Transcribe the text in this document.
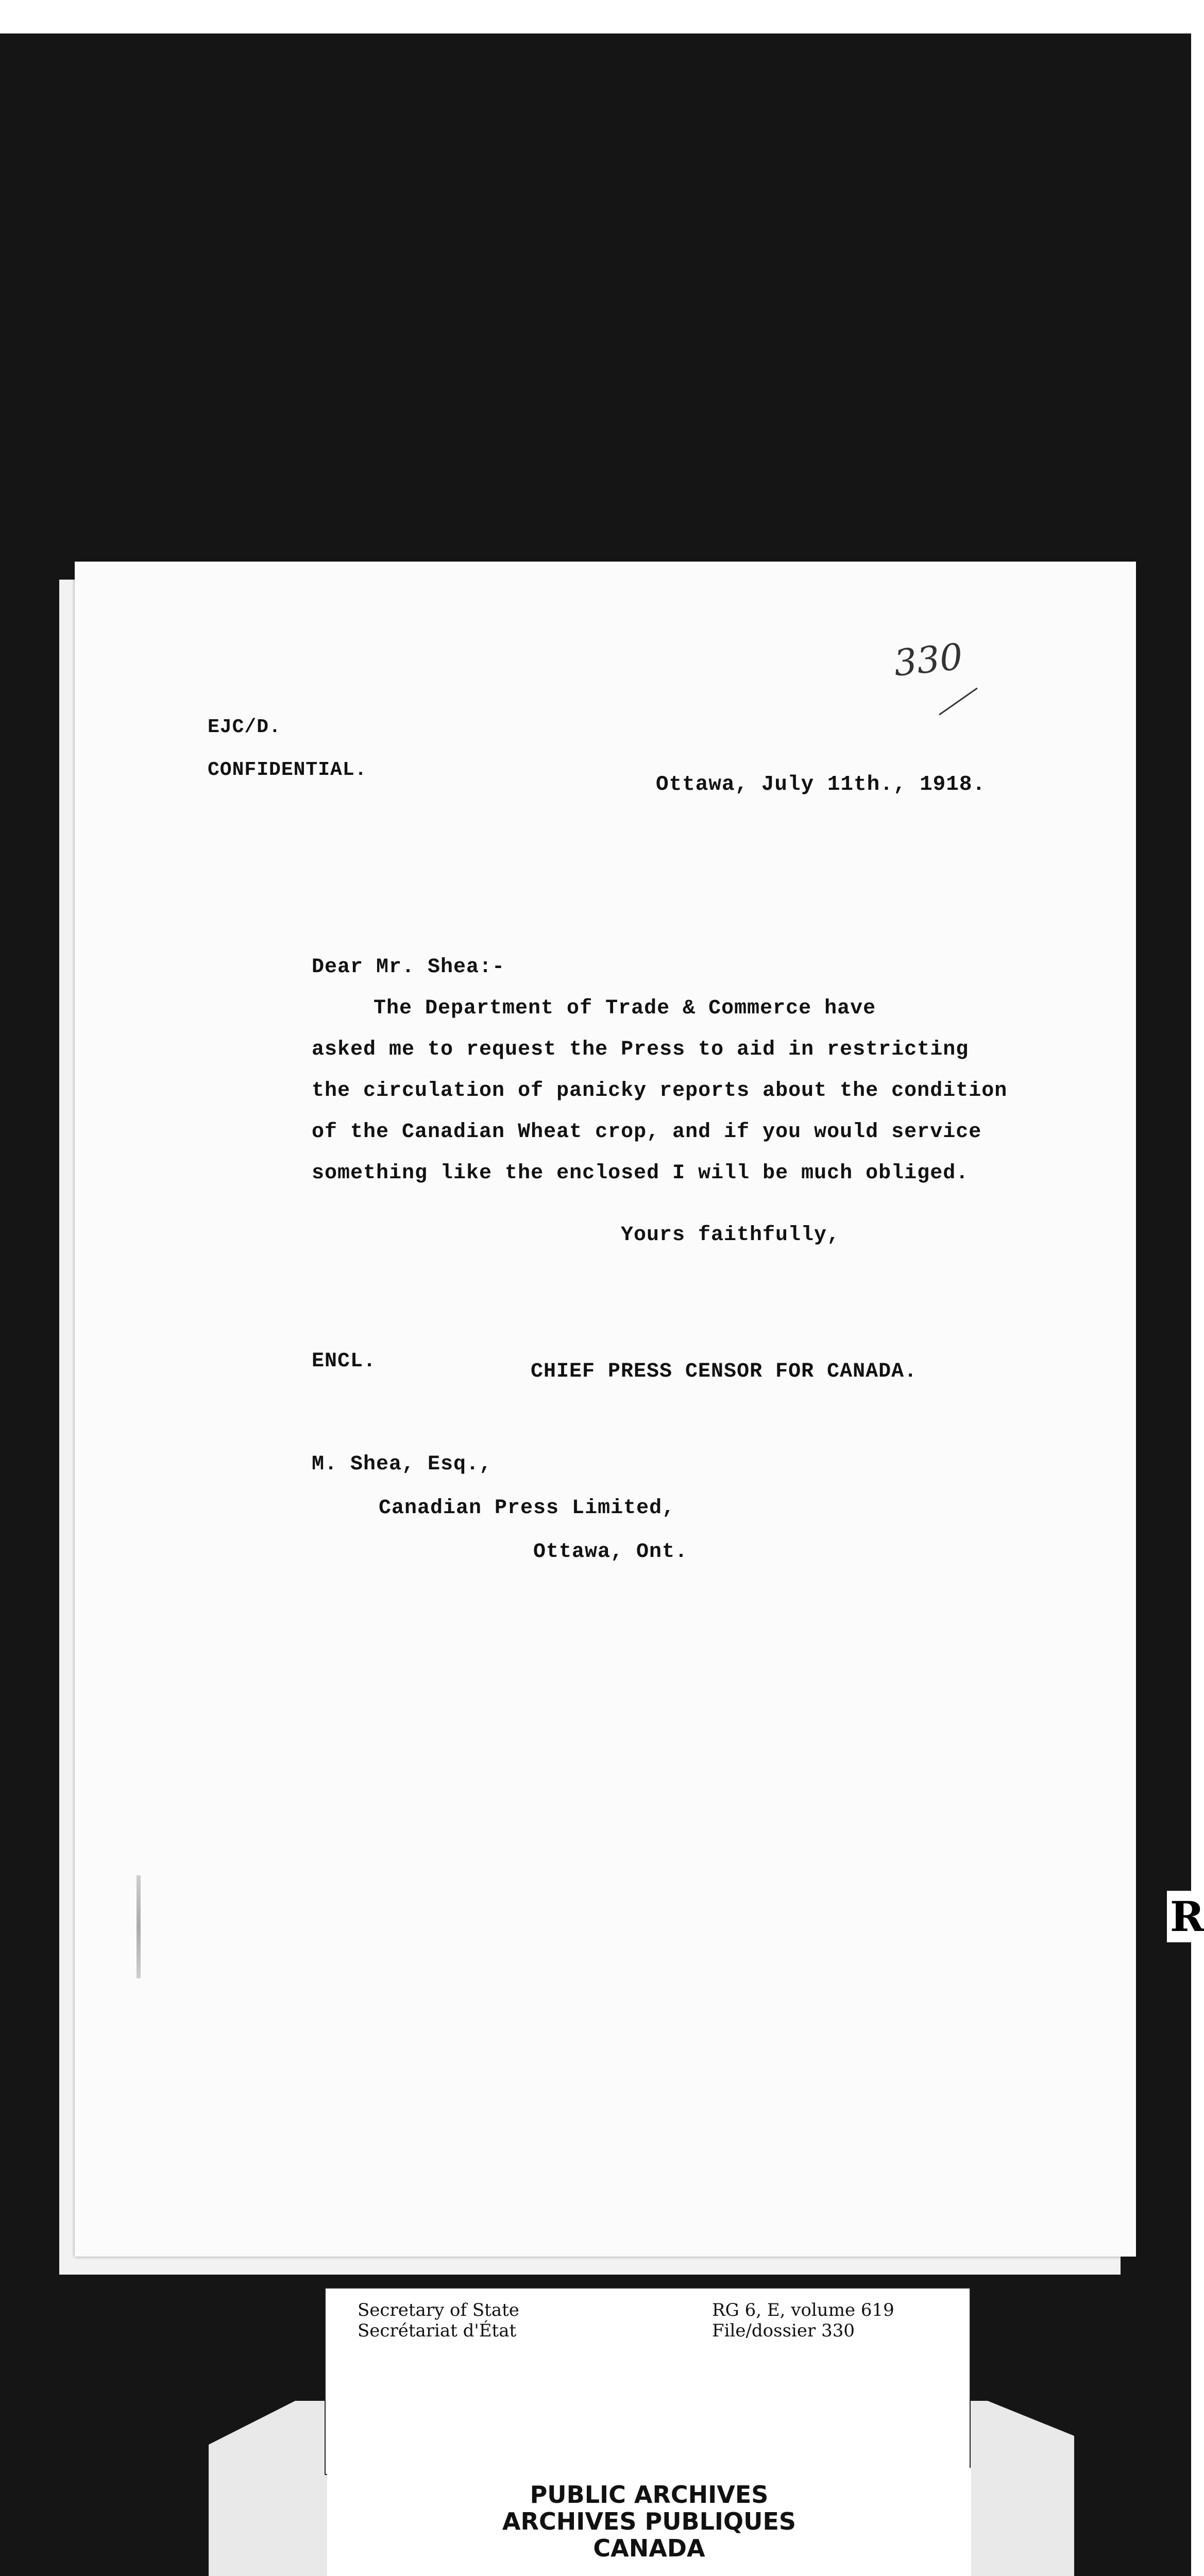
330
EJC/D.
CONFIDENTIAL.
Ottawa, July 11th., 1918.
Dear Mr. Shea:-
The Department of Trade & Commerce have
asked me to request the Press to aid in restricting
the circulation of panicky reports about the condition
of the Canadian Wheat crop, and if you would service
something like the enclosed I will be much obliged.
Yours faithfully,
ENCL.	CHIEF PRESS CENSOR FOR CANADA.
M. Shea, Esq.,
Canadian Press Limited,
Ottawa, Ont.
R
Secretary of State
Secrétariat d'État
RG 6, E, volume 619
File/dossier 330
PUBLIC ARCHIVES
ARCHIVES PUBLIQUES
CANADA
